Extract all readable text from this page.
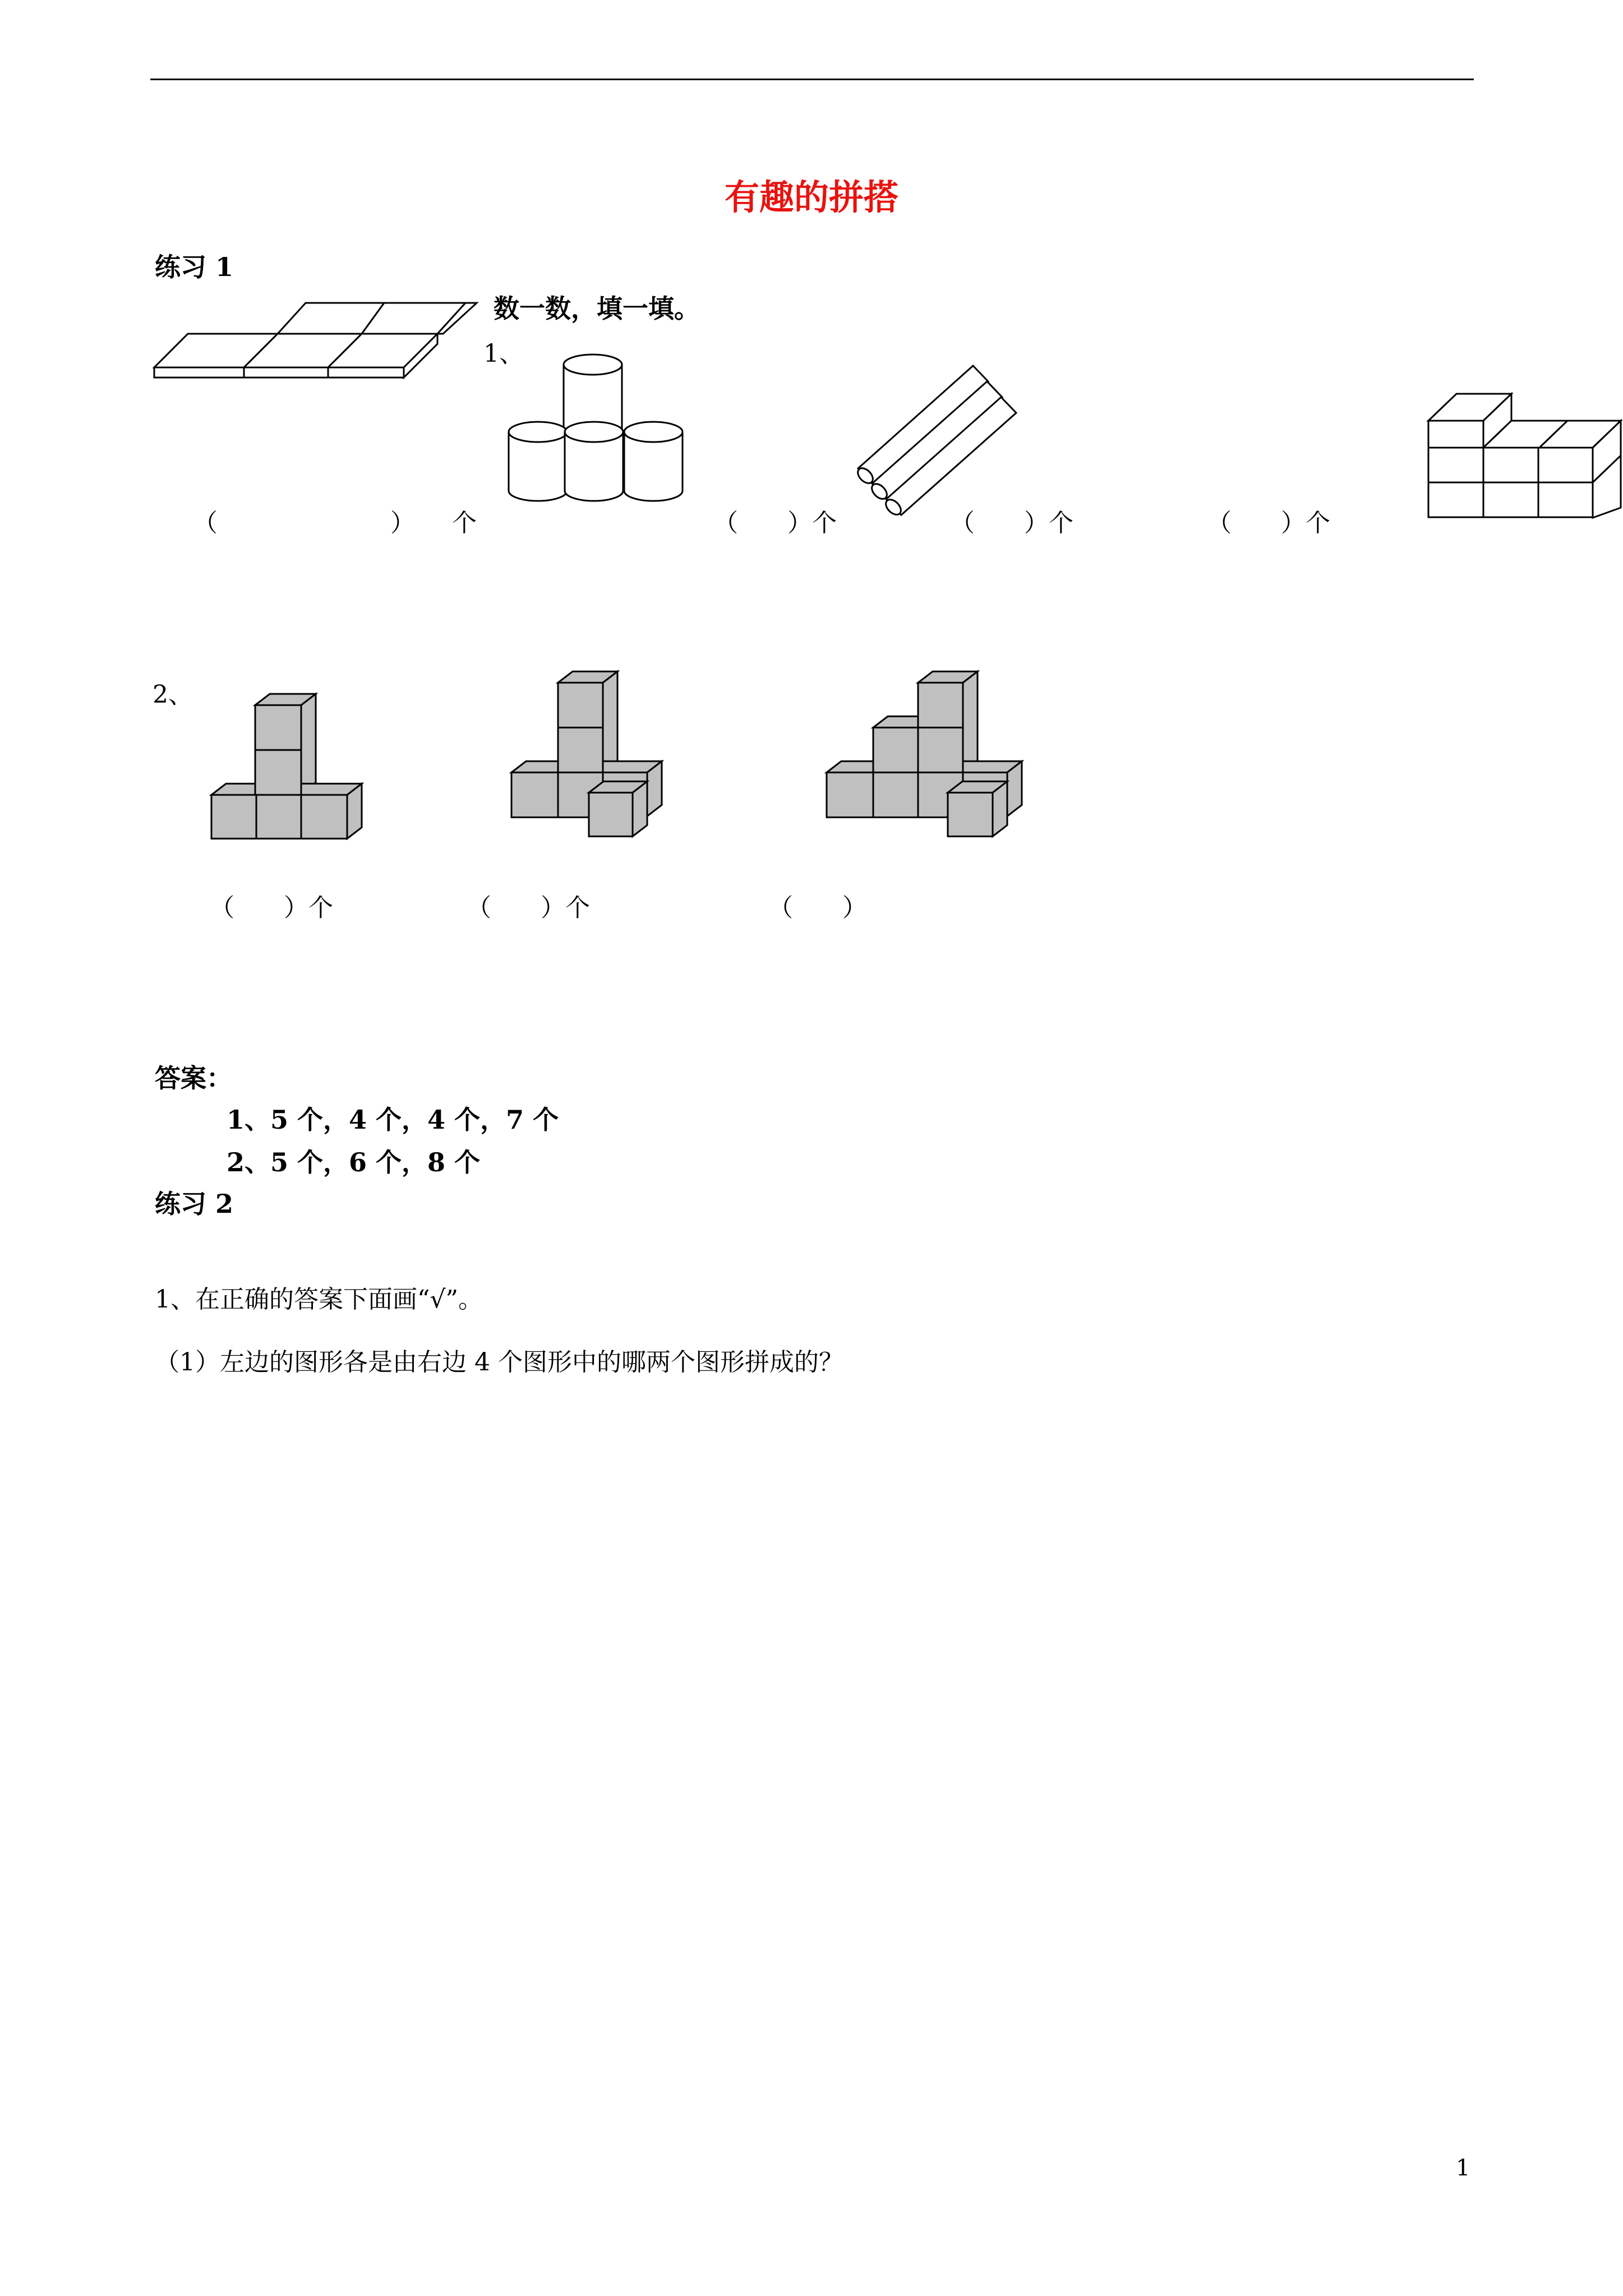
有趣的拼搭
练习 1
数一数，填一填。
1、
（　　　　　　　）　　个	（　　）个	（　　）个	（　　）个
2、
（　　）个	（　　）个	（　　）
答案：
1、5 个，4 个，4 个，7 个
2、5 个，6 个，8 个
练习 2
1、在正确的答案下面画“√”。
（1）左边的图形各是由右边 4 个图形中的哪两个图形拼成的？
1
